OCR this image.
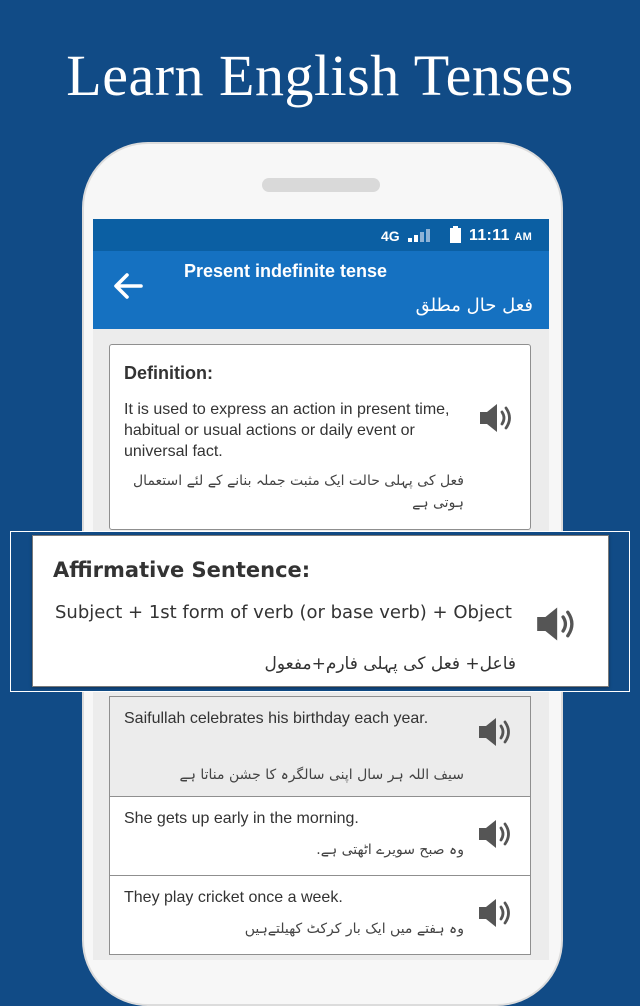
Learn English Tenses
4G	11:11 AM
Present indefinite tense
فعل حال مطلق
Definition:
It is used to express an action in present time, habitual or usual actions or daily event or universal fact.
فعل کی پہلی حالت ایک مثبت جملہ بنانے کے لئے استعمال ہوتی ہے
Saifullah celebrates his birthday each year.
سیف اللہ ہر سال اپنی سالگرہ کا جشن مناتا ہے
She gets up early in the morning.
وہ صبح سویرے اٹھتی ہے.
They play cricket once a week.
وہ ہفتے میں ایک بار کرکٹ کھیلتےہیں
Affirmative Sentence:
Subject + 1st form of verb (or base verb) + Object
فاعل+ فعل کی پہلی فارم+مفعول
